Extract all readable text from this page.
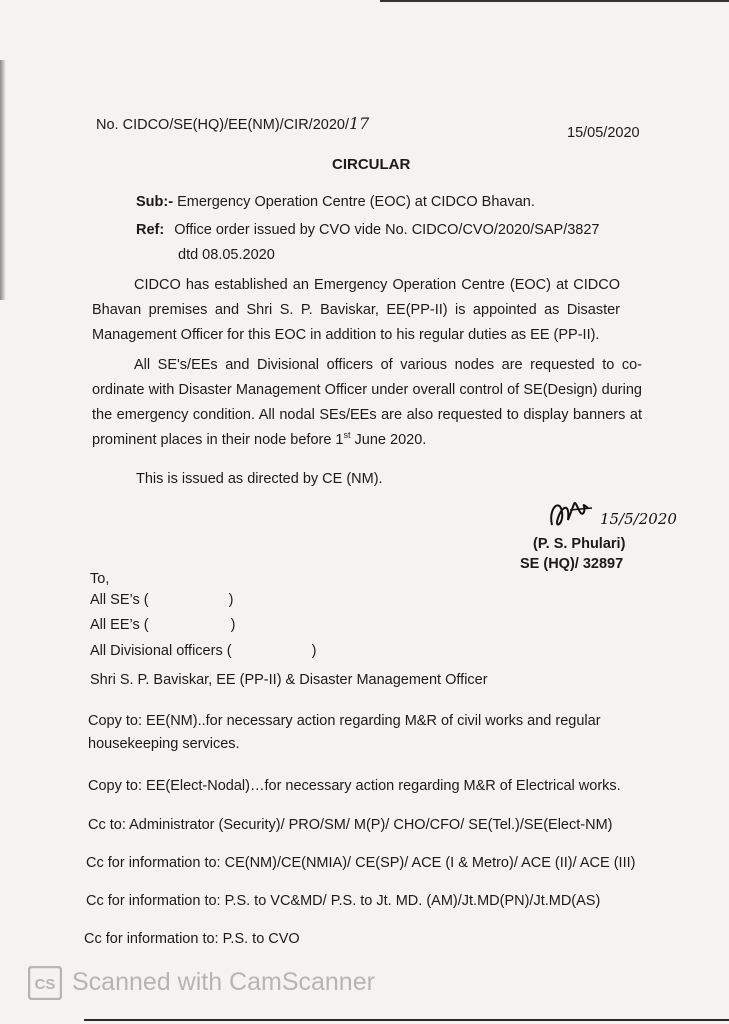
No. CIDCO/SE(HQ)/EE(NM)/CIR/2020/17	15/05/2020
CIRCULAR
Sub:- Emergency Operation Centre (EOC) at CIDCO Bhavan.
Ref: Office order issued by CVO vide No. CIDCO/CVO/2020/SAP/3827
dtd 08.05.2020
CIDCO has established an Emergency Operation Centre (EOC) at CIDCO
Bhavan premises and Shri S. P. Baviskar, EE(PP-II) is appointed as Disaster
Management Officer for this EOC in addition to his regular duties as EE (PP-II).
All SE's/EEs and Divisional officers of various nodes are requested to co-
ordinate with Disaster Management Officer under overall control of SE(Design) during
the emergency condition. All nodal SEs/EEs are also requested to display banners at
prominent places in their node before 1st June 2020.
This is issued as directed by CE (NM).
15/5/2020
(P. S. Phulari)
SE (HQ)/ 32897
To,
All SE’s (	)
All EE’s (	)
All Divisional officers (	)
Shri S. P. Baviskar, EE (PP-II) & Disaster Management Officer
Copy to: EE(NM)..for necessary action regarding M&R of civil works and regular
housekeeping services.
Copy to: EE(Elect-Nodal)…for necessary action regarding M&R of Electrical works.
Cc to: Administrator (Security)/ PRO/SM/ M(P)/ CHO/CFO/ SE(Tel.)/SE(Elect-NM)
Cc for information to: CE(NM)/CE(NMIA)/ CE(SP)/ ACE (I & Metro)/ ACE (II)/ ACE (III)
Cc for information to: P.S. to VC&MD/ P.S. to Jt. MD. (AM)/Jt.MD(PN)/Jt.MD(AS)
Cc for information to: P.S. to CVO
CS Scanned with CamScanner
